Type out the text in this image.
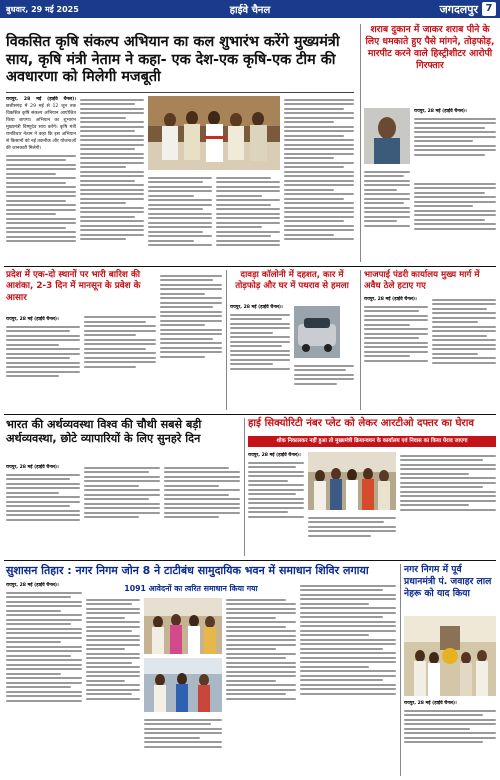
बुधवार, 29 मई 2025	हाईवे चैनल	जगदलपुर 7
विकसित कृषि संकल्प अभियान का कल शुभारंभ करेंगे मुख्यमंत्री साय, कृषि मंत्री नेताम ने कहा- एक देश-एक कृषि-एक टीम की अवधारणा को मिलेगी मजबूती
रायपुर, 28 मई (हाईवे चैनल)। छत्तीसगढ़ में 29 मई से 12 जून तक विकसित कृषि संकल्प अभियान आयोजित किया जाएगा। अभियान का शुभारंभ मुख्यमंत्री विष्णुदेव साय करेंगे। कृषि मंत्री रामविचार नेताम ने कहा कि इस अभियान से किसानों को नई तकनीक और योजनाओं की जानकारी मिलेगी।
शराब दुकान में जाकर शराब पीने के लिए धमकाते हुए पैसे मांगने, तोड़फोड़, मारपीट करने वाले हिस्ट्रीशीटर आरोपी गिरफ्तार
रायपुर, 28 मई (हाईवे चैनल)।
प्रदेश में एक-दो स्थानों पर भारी बारिश की आशंका, 2-3 दिन में मानसून के प्रवेश के आसार
रायपुर, 28 मई (हाईवे चैनल)।
दावड़ा कॉलोनी में दहशत, कार में तोड़फोड़ और घर में पथराव से हमला
रायपुर, 28 मई (हाईवे चैनल)।
भाजपाई पंडरी कार्यालय मुख्य मार्ग में अवैध ठेले हटाए गए
रायपुर, 28 मई (हाईवे चैनल)।
भारत की अर्थव्यवस्था विश्व की चौथी सबसे बड़ी अर्थव्यवस्था, छोटे व्यापारियों के लिए सुनहरे दिन
रायपुर, 28 मई (हाईवे चैनल)।
हाई सिक्योरिटी नंबर प्लेट को लेकर आरटीओ दफ्तर का घेराव
शोक निकालकर नहीं हुआ तो मुख्यमंत्री क्रियान्वयन के कार्यालय एवं निवास का किया घेराव जाएगा
रायपुर, 28 मई (हाईवे चैनल)।
सुशासन तिहार : नगर निगम जोन 8 ने टाटीबंध सामुदायिक भवन में समाधान शिविर लगाया
रायपुर, 28 मई (हाईवे चैनल)।	1091 आवेदनों का त्वरित समाधान किया गया
नगर निगम में पूर्व प्रधानमंत्री पं. जवाहर लाल नेहरू को याद किया
रायपुर, 28 मई (हाईवे चैनल)।
